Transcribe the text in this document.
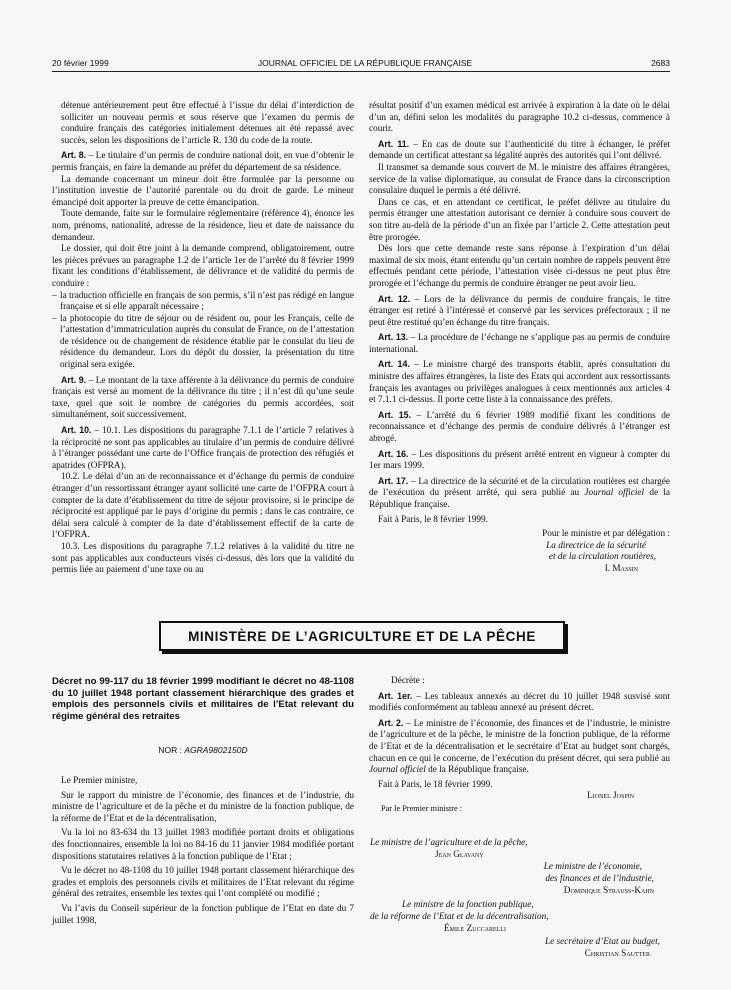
20 février 1999	JOURNAL OFFICIEL DE LA RÉPUBLIQUE FRANÇAISE	2683

détenue antérieurement peut être effectué à l’issue du délai d’interdiction de solliciter un nouveau permis et sous réserve que l’examen du permis de conduire français des catégories initialement détenues ait été repassé avec succès, selon les dispositions de l’article R. 130 du code de la route.

Art. 8. – Le titulaire d’un permis de conduire national doit, en vue d’obtenir le permis français, en faire la demande au préfet du département de sa résidence.

La demande concernant un mineur doit être formulée par la personne ou l’institution investie de l’autorité parentale ou du droit de garde. Le mineur émancipé doit apporter la preuve de cette émancipation.

Toute demande, faite sur le formulaire réglementaire (référence 4), énonce les nom, prénoms, nationalité, adresse de la résidence, lieu et date de naissance du demandeur.

Le dossier, qui doit être joint à la demande comprend, obligatoirement, outre les pièces prévues au paragraphe 1.2 de l’article 1er de l’arrêté du 8 février 1999 fixant les conditions d’établissement, de délivrance et de validité du permis de conduire :

– la traduction officielle en français de son permis, s’il n’est pas rédigé en langue française et si elle apparaît nécessaire ;

– la photocopie du titre de séjour ou de résident ou, pour les Français, celle de l’attestation d’immatriculation auprès du consulat de France, ou de l’attestation de résidence ou de changement de résidence établie par le consulat du lieu de résidence du demandeur. Lors du dépôt du dossier, la présentation du titre original sera exigée.

Art. 9. – Le montant de la taxe afférente à la délivrance du permis de conduire français est versé au moment de la délivrance du titre ; il n’est dû qu’une seule taxe, quel que soit le nombre de catégories du permis accordées, soit simultanément, soit successivement.

Art. 10. – 10.1. Les dispositions du paragraphe 7.1.1 de l’article 7 relatives à la réciprocité ne sont pas applicables au titulaire d’un permis de conduire délivré à l’étranger possédant une carte de l’Office français de protection des réfugiés et apatrides (OFPRA).

10.2. Le délai d’un an de reconnaissance et d’échange du permis de conduire étranger d’un ressortissant étranger ayant sollicité une carte de l’OFPRA court à compter de la date d’établissement du titre de séjour provisoire, si le principe de réciprocité est appliqué par le pays d’origine du permis ; dans le cas contraire, ce délai sera calculé à compter de la date d’établissement effectif de la carte de l’OFPRA.

10.3. Les dispositions du paragraphe 7.1.2 relatives à la validité du titre ne sont pas applicables aux conducteurs visés ci-dessus, dès lors que la validité du permis liée au paiement d’une taxe ou au

résultat positif d’un examen médical est arrivée à expiration à la date où le délai d’un an, défini selon les modalités du paragraphe 10.2 ci-dessus, commence à courir.

Art. 11. – En cas de doute sur l’authenticité du titre à échanger, le préfet demande un certificat attestant sa légalité auprès des autorités qui l’ont délivré.

Il transmet sa demande sous couvert de M. le ministre des affaires étrangères, service de la valise diplomatique, au consulat de France dans la circonscription consulaire duquel le permis a été délivré.

Dans ce cas, et en attendant ce certificat, le préfet délivre au titulaire du permis étranger une attestation autorisant ce dernier à conduire sous couvert de son titre au-delà de la période d’un an fixée par l’article 2. Cette attestation peut être prorogée.

Dès lors que cette demande reste sans réponse à l’expiration d’un délai maximal de six mois, étant entendu qu’un certain nombre de rappels peuvent être effectués pendant cette période, l’attestation visée ci-dessus ne peut plus être prorogée et l’échange du permis de conduire étranger ne peut avoir lieu.

Art. 12. – Lors de la délivrance du permis de conduire français, le titre étranger est retiré à l’intéressé et conservé par les services préfectoraux ; il ne peut être restitué qu’en échange du titre français.

Art. 13. – La procédure de l’échange ne s’applique pas au permis de conduire international.

Art. 14. – Le ministre chargé des transports établit, après consultation du ministre des affaires étrangères, la liste des Etats qui accordent aux ressortissants français les avantages ou privilèges analogues à ceux mentionnés aux articles 4 et 7.1.1 ci-dessus. Il porte cette liste à la connaissance des préfets.

Art. 15. – L’arrêté du 6 février 1989 modifié fixant les conditions de reconnaissance et d’échange des permis de conduire délivrés à l’étranger est abrogé.

Art. 16. – Les dispositions du présent arrêté entrent en vigueur à compter du 1er mars 1999.

Art. 17. – La directrice de la sécurité et de la circulation routières est chargée de l’exécution du présent arrêté, qui sera publié au Journal officiel de la République française.

Fait à Paris, le 8 février 1999.

Pour le ministre et par délégation :

La directrice de la sécurité

et de la circulation routières,

I. Massin

MINISTÈRE DE L’AGRICULTURE ET DE LA PÊCHE
Décret no 99-117 du 18 février 1999 modifiant le décret no 48-1108 du 10 juillet 1948 portant classement hiérarchique des grades et emplois des personnels civils et militaires de l’Etat relevant du régime général des retraites
NOR : AGRA9802150D

Le Premier ministre,

Sur le rapport du ministre de l’économie, des finances et de l’industrie, du ministre de l’agriculture et de la pêche et du ministre de la fonction publique, de la réforme de l’Etat et de la décentralisation,

Vu la loi no 83-634 du 13 juillet 1983 modifiée portant droits et obligations des fonctionnaires, ensemble la loi no 84-16 du 11 janvier 1984 modifiée portant dispositions statutaires relatives à la fonction publique de l’Etat ;

Vu le décret no 48-1108 du 10 juillet 1948 portant classement hiérarchique des grades et emplois des personnels civils et militaires de l’Etat relevant du régime général des retraites, ensemble les textes qui l’ont complété ou modifié ;

Vu l’avis du Conseil supérieur de la fonction publique de l’Etat en date du 7 juillet 1998,

Décrète :

Art. 1er. – Les tableaux annexés au décret du 10 juillet 1948 susvisé sont modifiés conformément au tableau annexé au présent décret.

Art. 2. – Le ministre de l’économie, des finances et de l’industrie, le ministre de l’agriculture et de la pêche, le ministre de la fonction publique, de la réforme de l’Etat et de la décentralisation et le secrétaire d’Etat au budget sont chargés, chacun en ce qui le concerne, de l’exécution du présent décret, qui sera publié au Journal officiel de la République française.

Fait à Paris, le 18 février 1999.

Lionel Jospin

Par le Premier ministre :

Le ministre de l’agriculture et de la pêche,
Jean Glavany
Le ministre de l’économie,
des finances et de l’industrie,
Dominique Strauss-Kahn
Le ministre de la fonction publique,
de la réforme de l’Etat et de la décentralisation,
Émile Zuccarelli
Le secrétaire d’Etat au budget,
Christian Sautter
